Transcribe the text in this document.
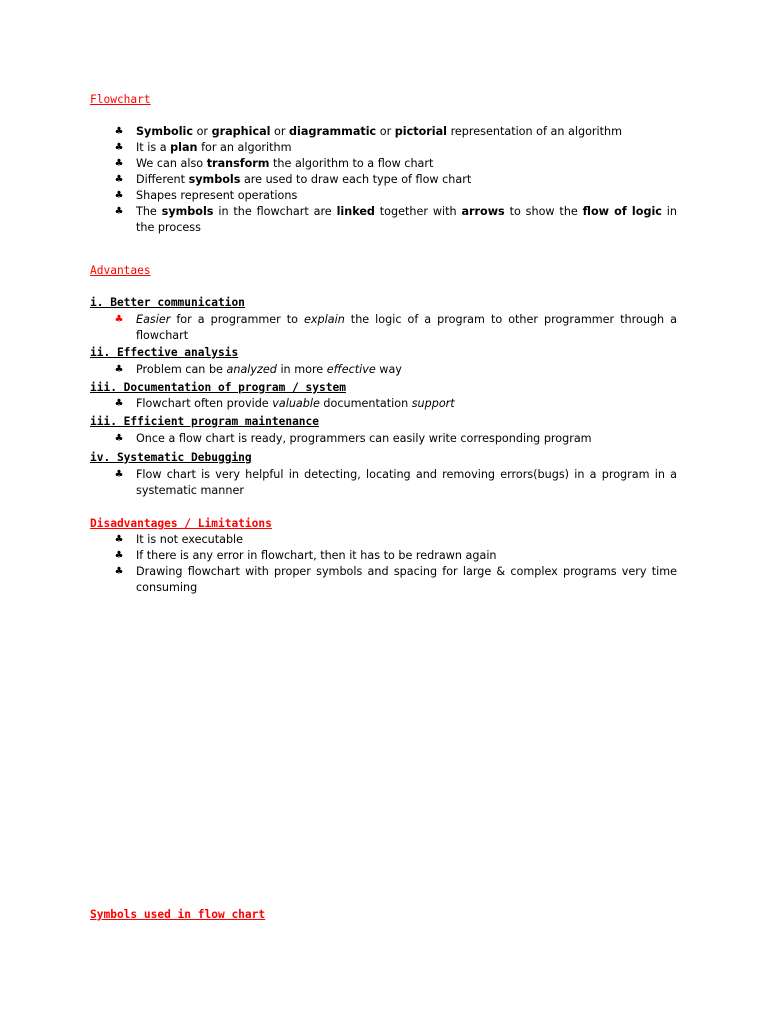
Flowchart
♣ Symbolic or graphical or diagrammatic or pictorial representation of an algorithm
♣ It is a plan for an algorithm
♣ We can also transform the algorithm to a flow chart
♣ Different symbols are used to draw each type of flow chart
♣ Shapes represent operations
♣ The symbols in the flowchart are linked together with arrows to show the flow of logic in the process
Advantaes
i. Better communication
♣ Easier for a programmer to explain the logic of a program to other programmer through a flowchart
ii. Effective analysis
♣ Problem can be analyzed in more effective way
iii. Documentation of program / system
♣ Flowchart often provide valuable documentation support
iii. Efficient program maintenance
♣ Once a flow chart is ready, programmers can easily write corresponding program
iv. Systematic Debugging
♣ Flow chart is very helpful in detecting, locating and removing errors(bugs) in a program in a systematic manner
Disadvantages / Limitations
♣ It is not executable
♣ If there is any error in flowchart, then it has to be redrawn again
♣ Drawing flowchart with proper symbols and spacing for large & complex programs very time consuming
Symbols used in flow chart
